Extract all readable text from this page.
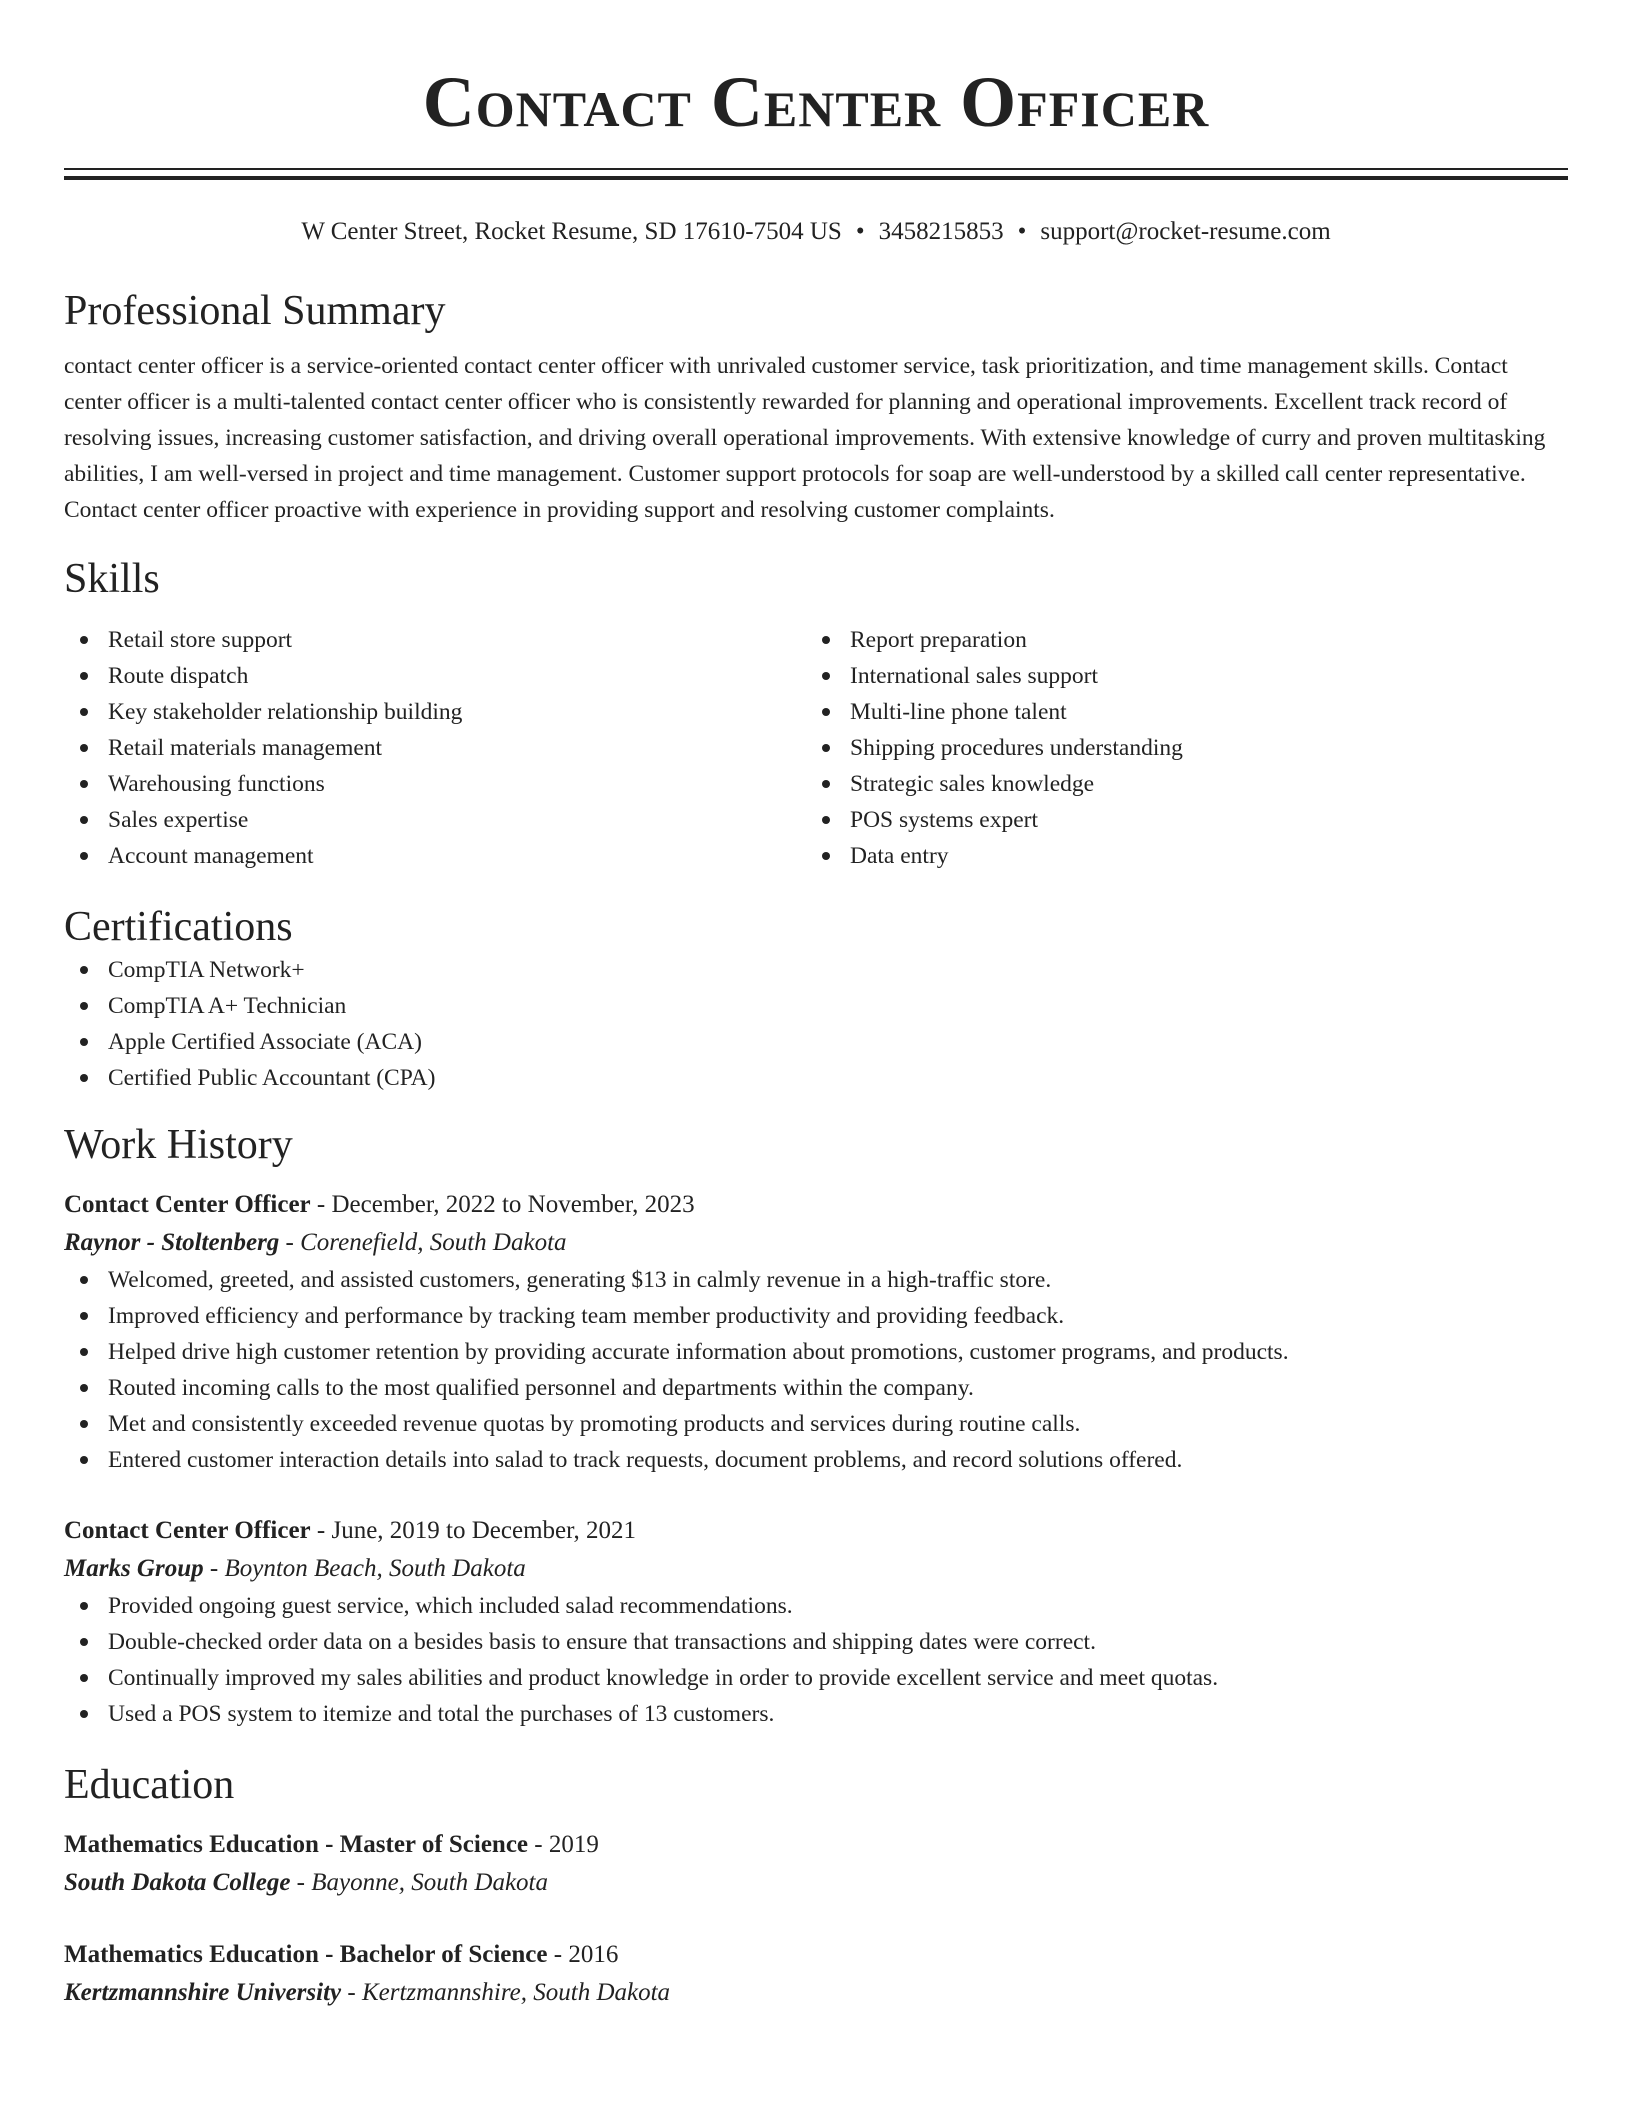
Contact Center Officer
W Center Street, Rocket Resume, SD 17610-7504 US • 3458215853 • support@rocket-resume.com
Professional Summary

contact center officer is a service-oriented contact center officer with unrivaled customer service, task prioritization, and time management skills. Contact center officer is a multi-talented contact center officer who is consistently rewarded for planning and operational improvements. Excellent track record of resolving issues, increasing customer satisfaction, and driving overall operational improvements. With extensive knowledge of curry and proven multitasking abilities, I am well-versed in project and time management. Customer support protocols for soap are well-understood by a skilled call center representative. Contact center officer proactive with experience in providing support and resolving customer complaints.

Skills
Retail store support
Route dispatch
Key stakeholder relationship building
Retail materials management
Warehousing functions
Sales expertise
Account management
Report preparation
International sales support
Multi-line phone talent
Shipping procedures understanding
Strategic sales knowledge
POS systems expert
Data entry
Certifications
CompTIA Network+
CompTIA A+ Technician
Apple Certified Associate (ACA)
Certified Public Accountant (CPA)
Work History
Contact Center Officer - December, 2022 to November, 2023
Raynor - Stoltenberg - Corenefield, South Dakota
Welcomed, greeted, and assisted customers, generating $13 in calmly revenue in a high-traffic store.
Improved efficiency and performance by tracking team member productivity and providing feedback.
Helped drive high customer retention by providing accurate information about promotions, customer programs, and products.
Routed incoming calls to the most qualified personnel and departments within the company.
Met and consistently exceeded revenue quotas by promoting products and services during routine calls.
Entered customer interaction details into salad to track requests, document problems, and record solutions offered.
Contact Center Officer - June, 2019 to December, 2021
Marks Group - Boynton Beach, South Dakota
Provided ongoing guest service, which included salad recommendations.
Double-checked order data on a besides basis to ensure that transactions and shipping dates were correct.
Continually improved my sales abilities and product knowledge in order to provide excellent service and meet quotas.
Used a POS system to itemize and total the purchases of 13 customers.
Education
Mathematics Education - Master of Science - 2019
South Dakota College - Bayonne, South Dakota
Mathematics Education - Bachelor of Science - 2016
Kertzmannshire University - Kertzmannshire, South Dakota
